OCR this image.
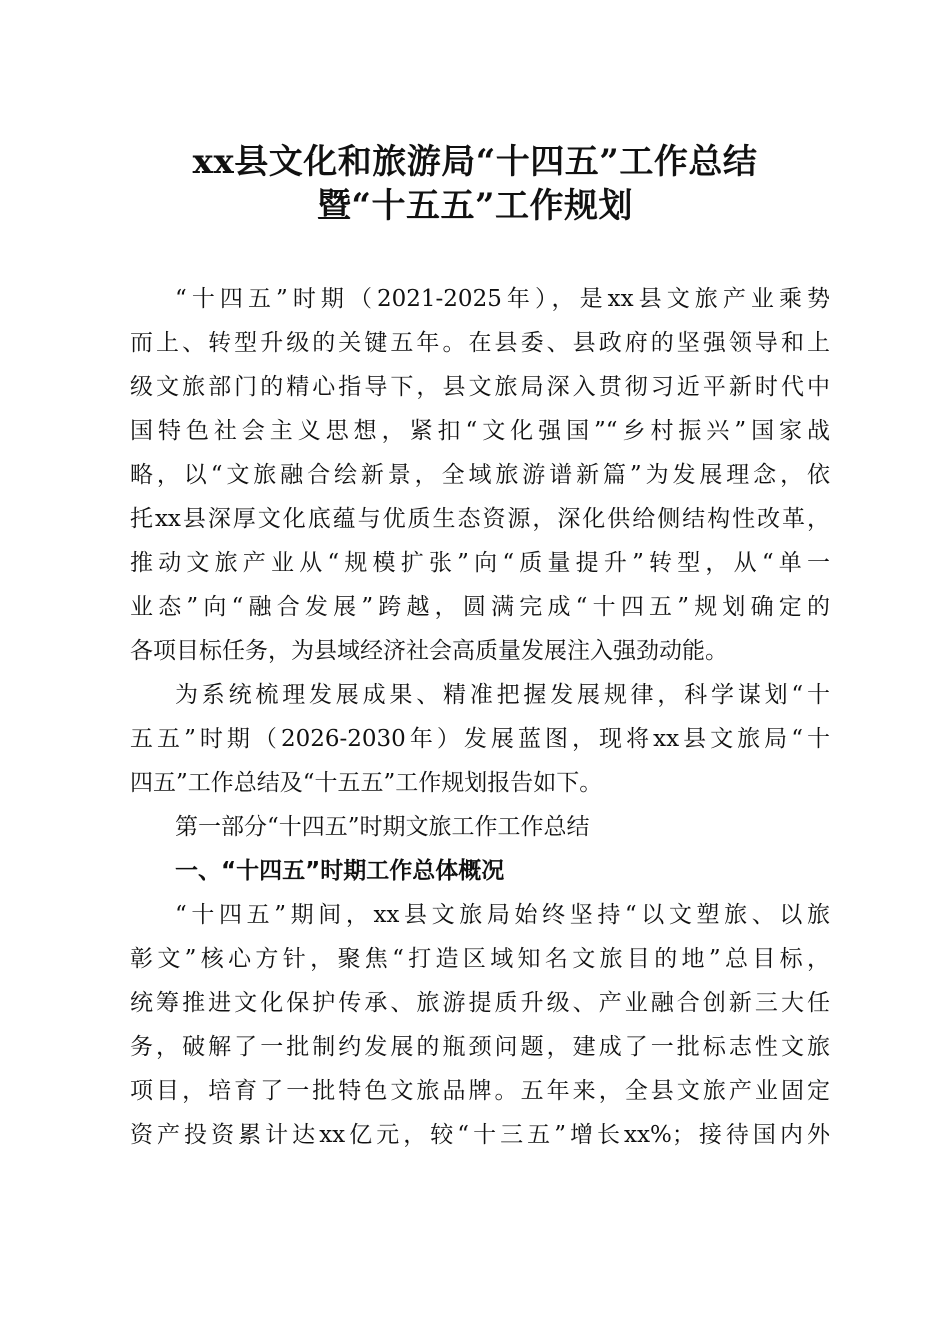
xx县文化和旅游局“十四五”工作总结
暨“十五五”工作规划
“十四五”时期（2021-2025年），是xx县文旅产业乘势
而上、转型升级的关键五年。在县委、县政府的坚强领导和上
级文旅部门的精心指导下，县文旅局深入贯彻习近平新时代中
国特色社会主义思想，紧扣“文化强国”“乡村振兴”国家战
略，以“文旅融合绘新景，全域旅游谱新篇”为发展理念，依
托xx县深厚文化底蕴与优质生态资源，深化供给侧结构性改革，
推动文旅产业从“规模扩张”向“质量提升”转型，从“单一
业态”向“融合发展”跨越，圆满完成“十四五”规划确定的
各项目标任务，为县域经济社会高质量发展注入强劲动能。
为系统梳理发展成果、精准把握发展规律，科学谋划“十
五五”时期（2026-2030年）发展蓝图，现将xx县文旅局“十
四五”工作总结及“十五五”工作规划报告如下。
第一部分“十四五”时期文旅工作工作总结
一、“十四五”时期工作总体概况
“十四五”期间，xx县文旅局始终坚持“以文塑旅、以旅
彰文”核心方针，聚焦“打造区域知名文旅目的地”总目标，
统筹推进文化保护传承、旅游提质升级、产业融合创新三大任
务，破解了一批制约发展的瓶颈问题，建成了一批标志性文旅
项目，培育了一批特色文旅品牌。五年来，全县文旅产业固定
资产投资累计达xx亿元，较“十三五”增长xx%；接待国内外
